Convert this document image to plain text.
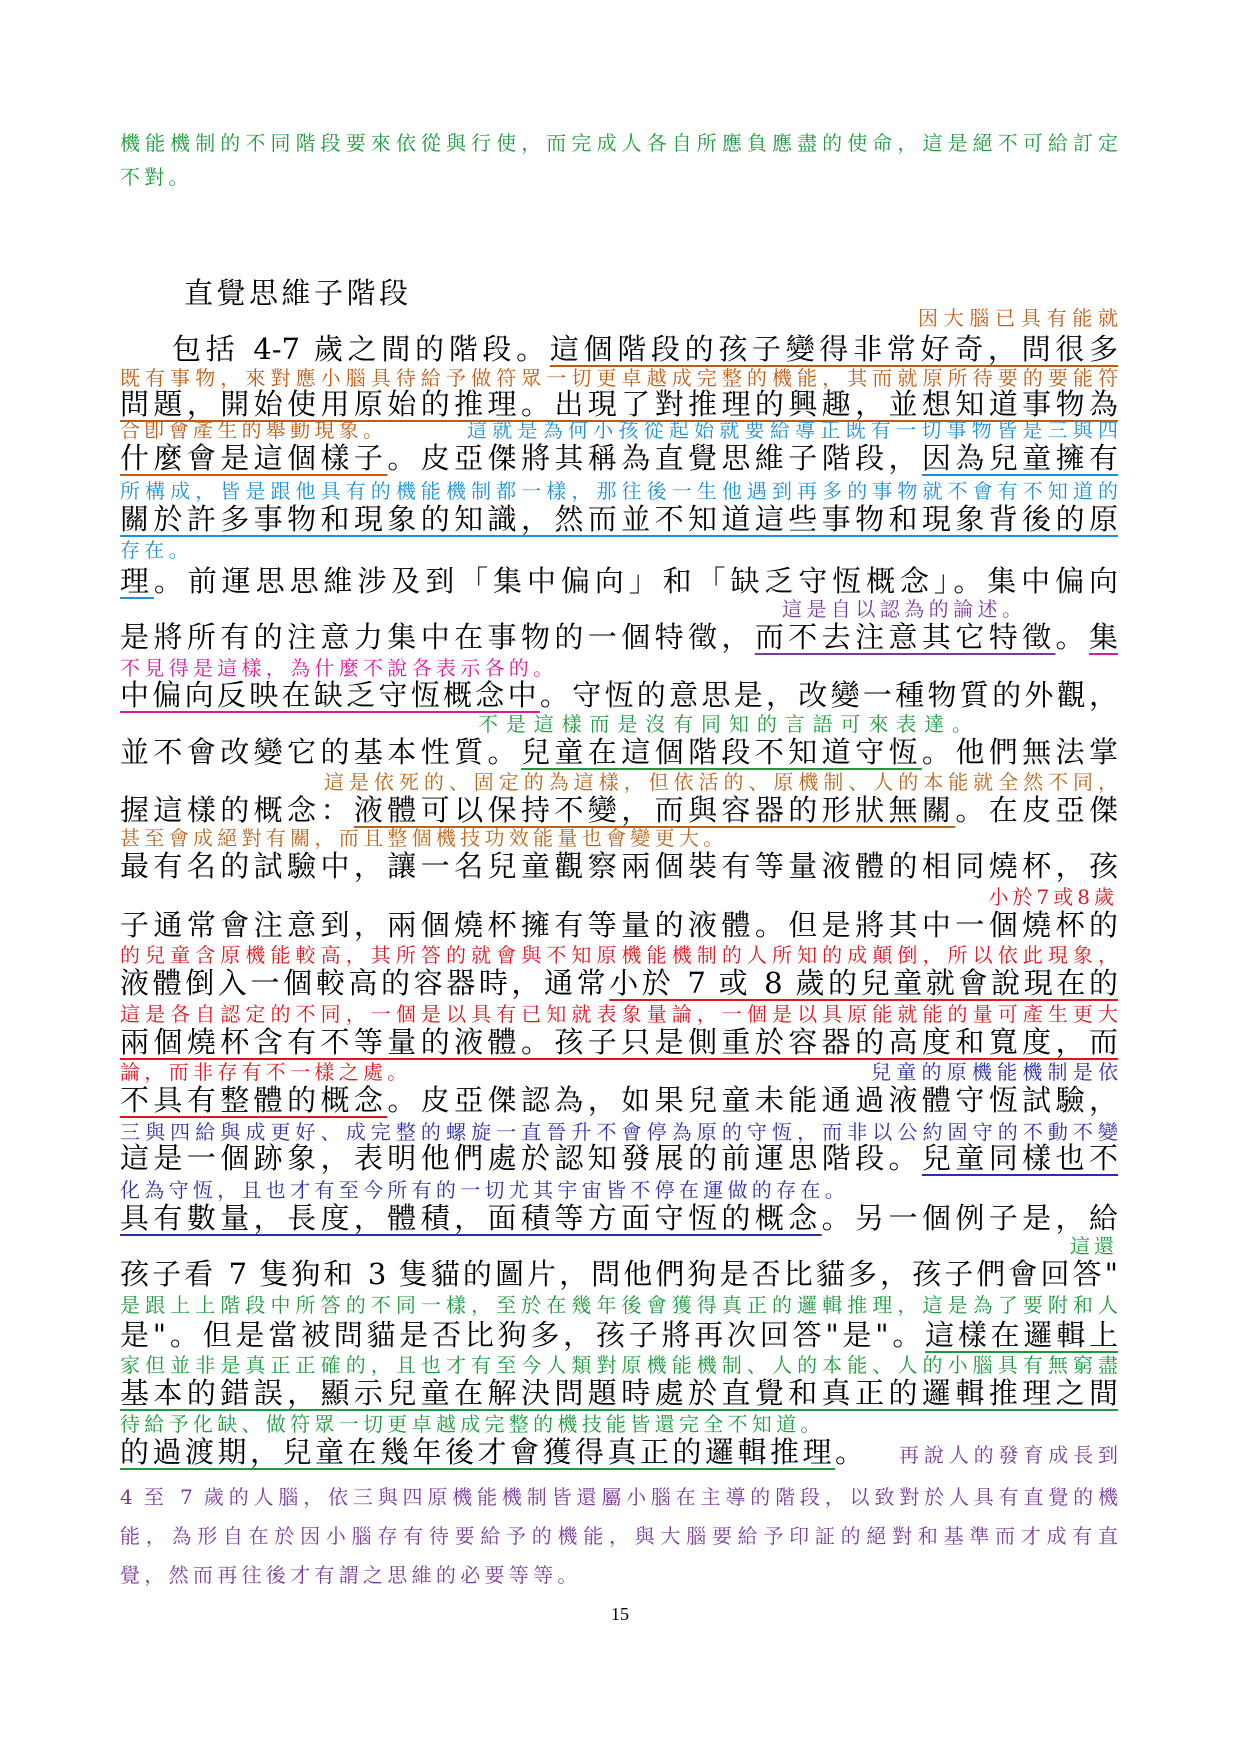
機能機制的不同階段要來依從與行使，而完成人各自所應負應盡的使命，這是絕不可給訂定
不對。
直覺思維子階段
因大腦已具有能就
包括 4-7 歲之間的階段。這個階段的孩子變得非常好奇，問很多
既有事物，來對應小腦具待給予做符眾一切更卓越成完整的機能，其而就原所待要的要能符
問題，開始使用原始的推理。出現了對推理的興趣，並想知道事物為
合卽會產生的舉動現象。	這就是為何小孩從起始就要給導正既有一切事物皆是三與四
什麼會是這個樣子。皮亞傑將其稱為直覺思維子階段，因為兒童擁有
所構成，皆是跟他具有的機能機制都一樣，那往後一生他遇到再多的事物就不會有不知道的
關於許多事物和現象的知識，然而並不知道這些事物和現象背後的原
存在。
理。前運思思維涉及到「集中偏向」和「缺乏守恆概念」。集中偏向
這是自以認為的論述。
是將所有的注意力集中在事物的一個特徵，而不去注意其它特徵。集
不見得是這樣，為什麼不說各表示各的。
中偏向反映在缺乏守恆概念中。守恆的意思是，改變一種物質的外觀，
不是這樣而是沒有同知的言語可來表達。
並不會改變它的基本性質。兒童在這個階段不知道守恆。他們無法掌
這是依死的、固定的為這樣，但依活的、原機制、人的本能就全然不同，
握這樣的概念：液體可以保持不變，而與容器的形狀無關。在皮亞傑
甚至會成絕對有關，而且整個機技功效能量也會變更大。
最有名的試驗中，讓一名兒童觀察兩個裝有等量液體的相同燒杯，孩
小於7或8歲
子通常會注意到，兩個燒杯擁有等量的液體。但是將其中一個燒杯的
的兒童含原機能較高，其所答的就會與不知原機能機制的人所知的成顛倒，所以依此現象，
液體倒入一個較高的容器時，通常小於 7 或 8 歲的兒童就會說現在的
這是各自認定的不同，一個是以具有已知就表象量論，一個是以具原能就能的量可產生更大
兩個燒杯含有不等量的液體。孩子只是側重於容器的高度和寬度，而
論，而非存有不一樣之處。	兒童的原機能機制是依
不具有整體的概念。皮亞傑認為，如果兒童未能通過液體守恆試驗，
三與四給與成更好、成完整的螺旋一直晉升不會停為原的守恆，而非以公約固守的不動不變
這是一個跡象，表明他們處於認知發展的前運思階段。兒童同樣也不
化為守恆，且也才有至今所有的一切尤其宇宙皆不停在運做的存在。
具有數量，長度，體積，面積等方面守恆的概念。另一個例子是，給
這還
孩子看 7 隻狗和 3 隻貓的圖片，問他們狗是否比貓多，孩子們會回答"
是跟上上階段中所答的不同一樣，至於在幾年後會獲得真正的邏輯推理，這是為了要附和人
是"。但是當被問貓是否比狗多，孩子將再次回答"是"。這樣在邏輯上
家但並非是真正正確的，且也才有至今人類對原機能機制、人的本能、人的小腦具有無窮盡
基本的錯誤，顯示兒童在解決問題時處於直覺和真正的邏輯推理之間
待給予化缺、做符眾一切更卓越成完整的機技能皆還完全不知道。
的過渡期，兒童在幾年後才會獲得真正的邏輯推理。	再說人的發育成長到
4 至 7 歲的人腦，依三與四原機能機制皆還屬小腦在主導的階段，以致對於人具有直覺的機
能，為形自在於因小腦存有待要給予的機能，與大腦要給予印証的絕對和基準而才成有直
覺，然而再往後才有謂之思維的必要等等。
15
